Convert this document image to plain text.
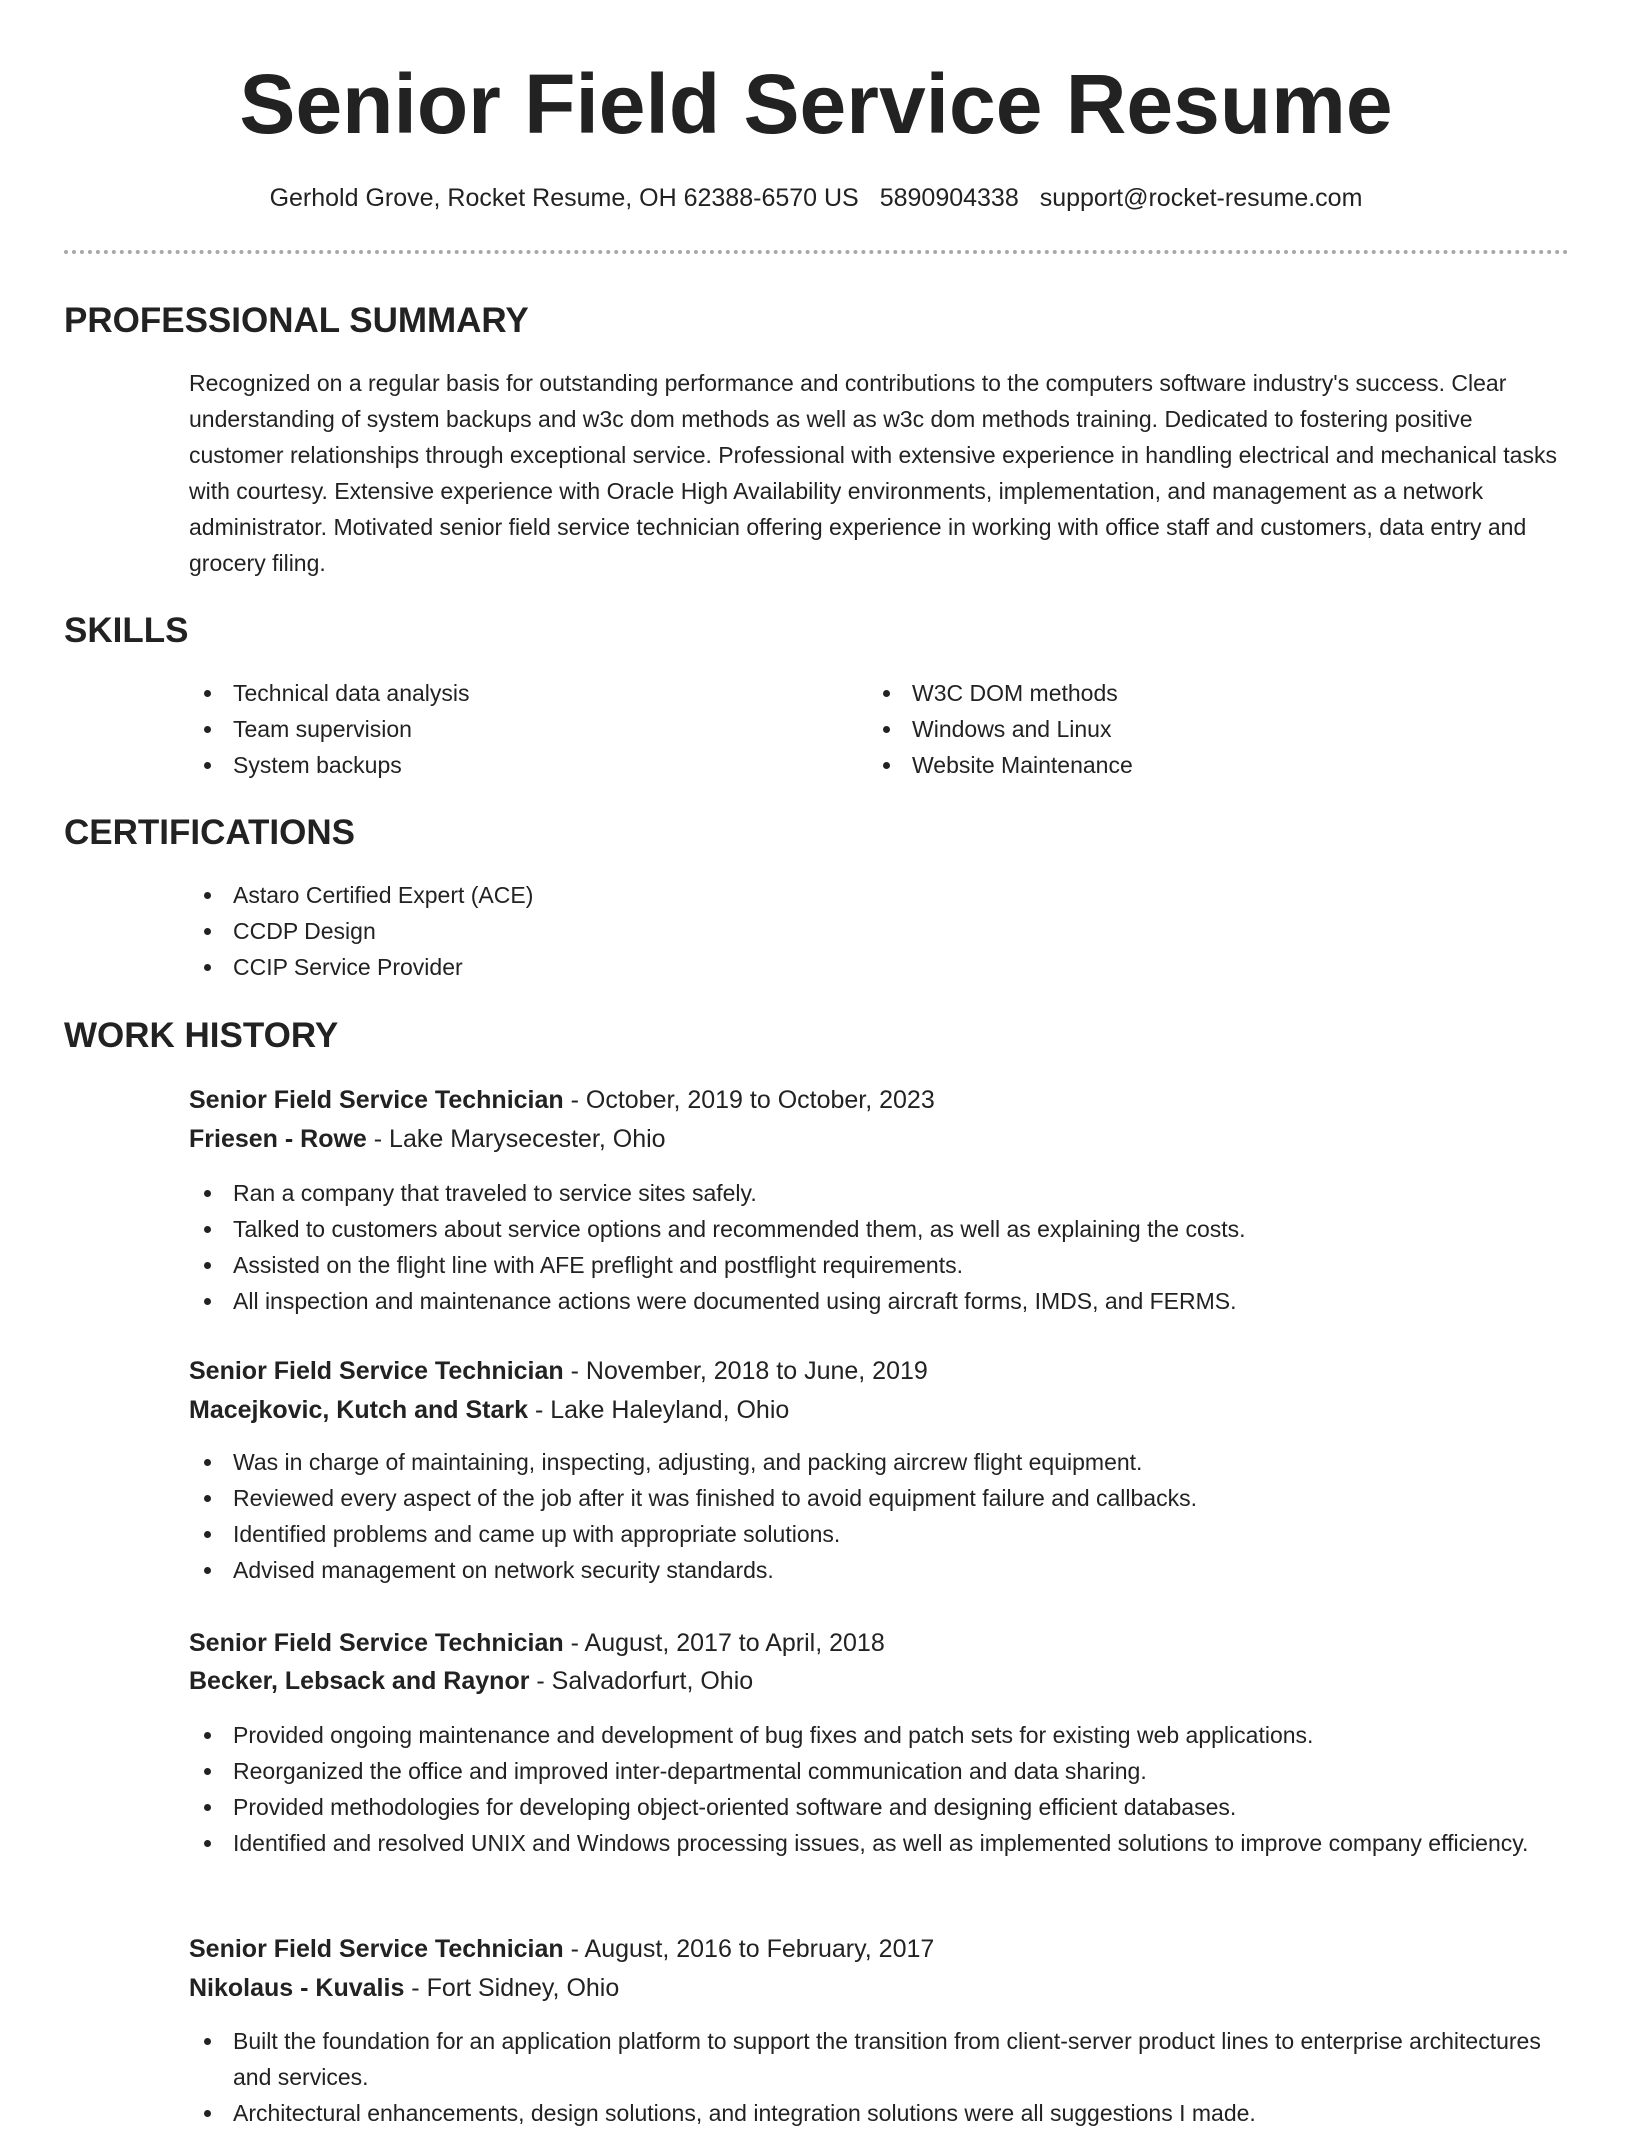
Senior Field Service Resume
Gerhold Grove, Rocket Resume, OH 62388-6570 US 5890904338 support@rocket-resume.com
PROFESSIONAL SUMMARY

Recognized on a regular basis for outstanding performance and contributions to the computers software industry's success. Clear understanding of system backups and w3c dom methods as well as w3c dom methods training. Dedicated to fostering positive customer relationships through exceptional service. Professional with extensive experience in handling electrical and mechanical tasks with courtesy. Extensive experience with Oracle High Availability environments, implementation, and management as a network administrator. Motivated senior field service technician offering experience in working with office staff and customers, data entry and grocery filing.

SKILLS
Technical data analysis
Team supervision
System backups
W3C DOM methods
Windows and Linux
Website Maintenance
CERTIFICATIONS
Astaro Certified Expert (ACE)
CCDP Design
CCIP Service Provider
WORK HISTORY
Senior Field Service Technician - October, 2019 to October, 2023
Friesen - Rowe - Lake Marysecester, Ohio
Ran a company that traveled to service sites safely.
Talked to customers about service options and recommended them, as well as explaining the costs.
Assisted on the flight line with AFE preflight and postflight requirements.
All inspection and maintenance actions were documented using aircraft forms, IMDS, and FERMS.
Senior Field Service Technician - November, 2018 to June, 2019
Macejkovic, Kutch and Stark - Lake Haleyland, Ohio
Was in charge of maintaining, inspecting, adjusting, and packing aircrew flight equipment.
Reviewed every aspect of the job after it was finished to avoid equipment failure and callbacks.
Identified problems and came up with appropriate solutions.
Advised management on network security standards.
Senior Field Service Technician - August, 2017 to April, 2018
Becker, Lebsack and Raynor - Salvadorfurt, Ohio
Provided ongoing maintenance and development of bug fixes and patch sets for existing web applications.
Reorganized the office and improved inter-departmental communication and data sharing.
Provided methodologies for developing object-oriented software and designing efficient databases.
Identified and resolved UNIX and Windows processing issues, as well as implemented solutions to improve company efficiency.
Senior Field Service Technician - August, 2016 to February, 2017
Nikolaus - Kuvalis - Fort Sidney, Ohio
Built the foundation for an application platform to support the transition from client-server product lines to enterprise architectures and services.
Architectural enhancements, design solutions, and integration solutions were all suggestions I made.
